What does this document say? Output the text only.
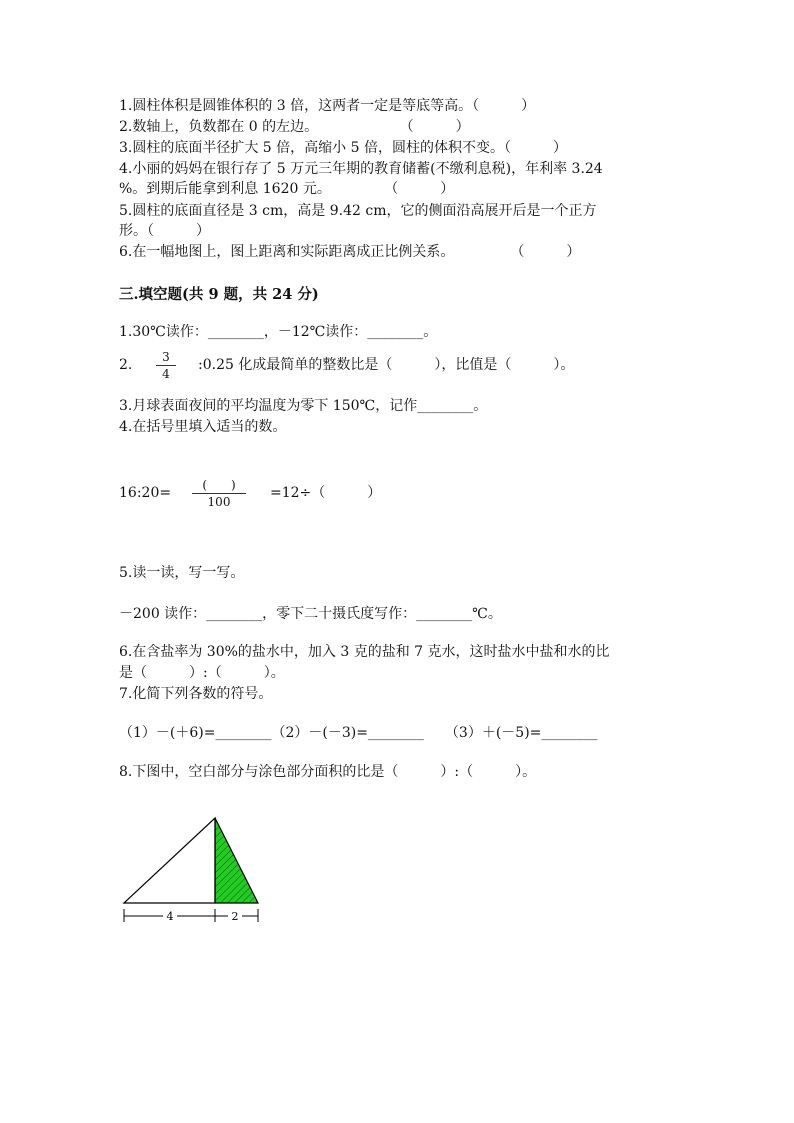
1.圆柱体积是圆锥体积的 3 倍，这两者一定是等底等高。（　　　）
2.数轴上，负数都在 0 的左边。　　　　　　 （　　　）
3.圆柱的底面半径扩大 5 倍，高缩小 5 倍，圆柱的体积不变。（　　　）
4.小丽的妈妈在银行存了 5 万元三年期的教育储蓄(不缴利息税)，年利率 3.24
%。到期后能拿到利息 1620 元。　　　　 （　　　）
5.圆柱的底面直径是 3 cm，高是 9.42 cm，它的侧面沿高展开后是一个正方
形。（　　　）
6.在一幅地图上，图上距离和实际距离成正比例关系。　　　　　（　　　）
三.填空题(共 9 题，共 24 分)
1.30℃读作：________，－12℃读作：________。
2.	3
4
:0.25 化成最简单的整数比是（　　　），比值是（　　　）。
3.月球表面夜间的平均温度为零下 150℃，记作________。
4.在括号里填入适当的数。
16:20=	(　　)
100
=12÷（　　　）
5.读一读，写一写。
－200 读作：________，零下二十摄氏度写作：________℃。
6.在含盐率为 30%的盐水中，加入 3 克的盐和 7 克水，这时盐水中盐和水的比
是（　　　）:（　　　）。
7.化简下列各数的符号。
（1）－(＋6)=________（2）－(－3)=________　　（3）＋(－5)=________
8.下图中，空白部分与涂色部分面积的比是（　　　）:（　　　）。
4	2
